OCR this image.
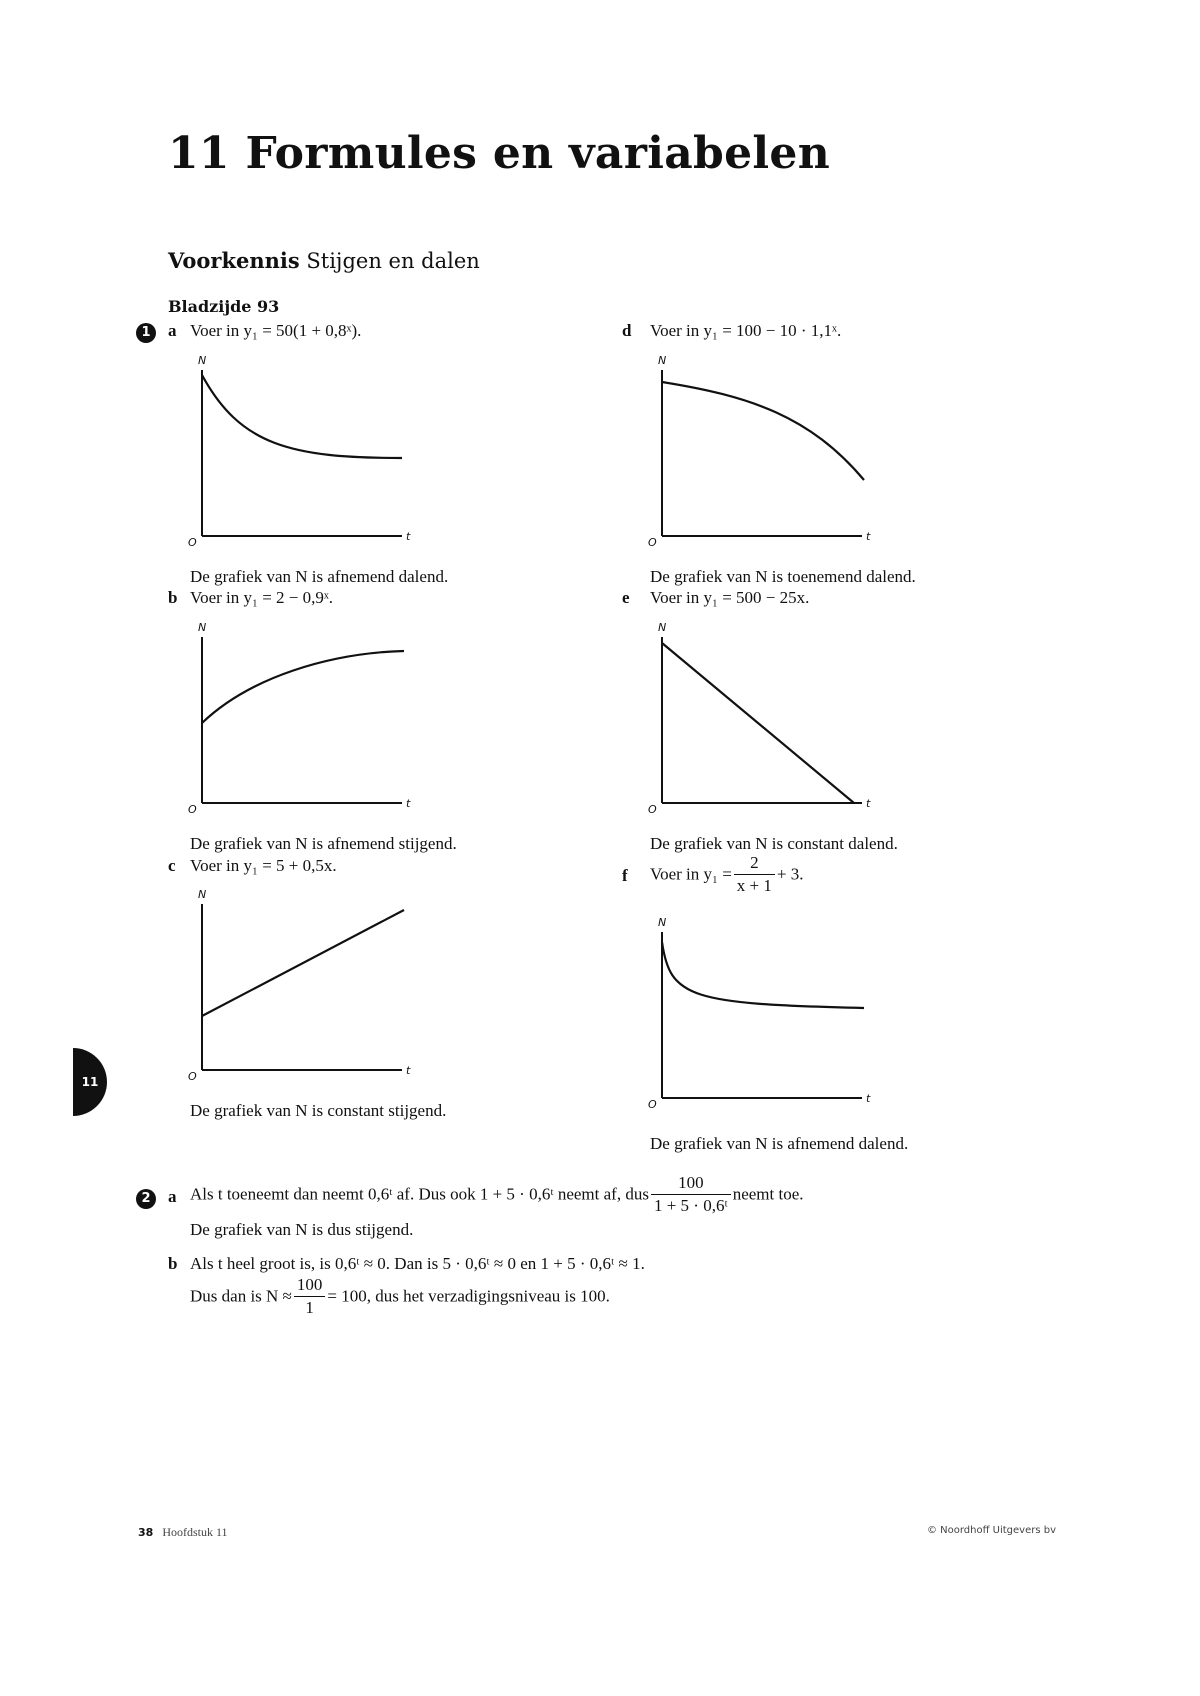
11 Formules en variabelen
Voorkennis Stijgen en dalen
Bladzijde 93
1	a Voer in y₁ = 50(1 + 0,8ˣ).
N
O	t
De grafiek van N is afnemend dalend.
b Voer in y₁ = 2 − 0,9ˣ.
N
O	t
De grafiek van N is afnemend stijgend.
c Voer in y₁ = 5 + 0,5x.
N
O	t
De grafiek van N is constant stijgend.
d Voer in y₁ = 100 − 10 · 1,1ˣ.
N
O	t
De grafiek van N is toenemend dalend.
e Voer in y₁ = 500 − 25x.
N
O	t
De grafiek van N is constant dalend.
f Voer in $y_1 = \frac{2}{x + 1} + 3$.
N
O	t
De grafiek van N is afnemend dalend.
2	a Als t toeneemt dan neemt 0,6ᵗ af. Dus ook 1 + 5 · 0,6ᵗ neemt af, dus $\frac{100}{\text{1 + 5 · 0,6ᵗ}}$ neemt toe.
De grafiek van N is dus stijgend.
b Als t heel groot is, is 0,6ᵗ ≈ 0. Dan is 5 · 0,6ᵗ ≈ 0 en 1 + 5 · 0,6ᵗ ≈ 1.
Dus dan is $N \approx \frac{100}{1} = 100$, dus het verzadigingsniveau is 100.
11
38 Hoofdstuk 11	© Noordhoff Uitgevers bv
